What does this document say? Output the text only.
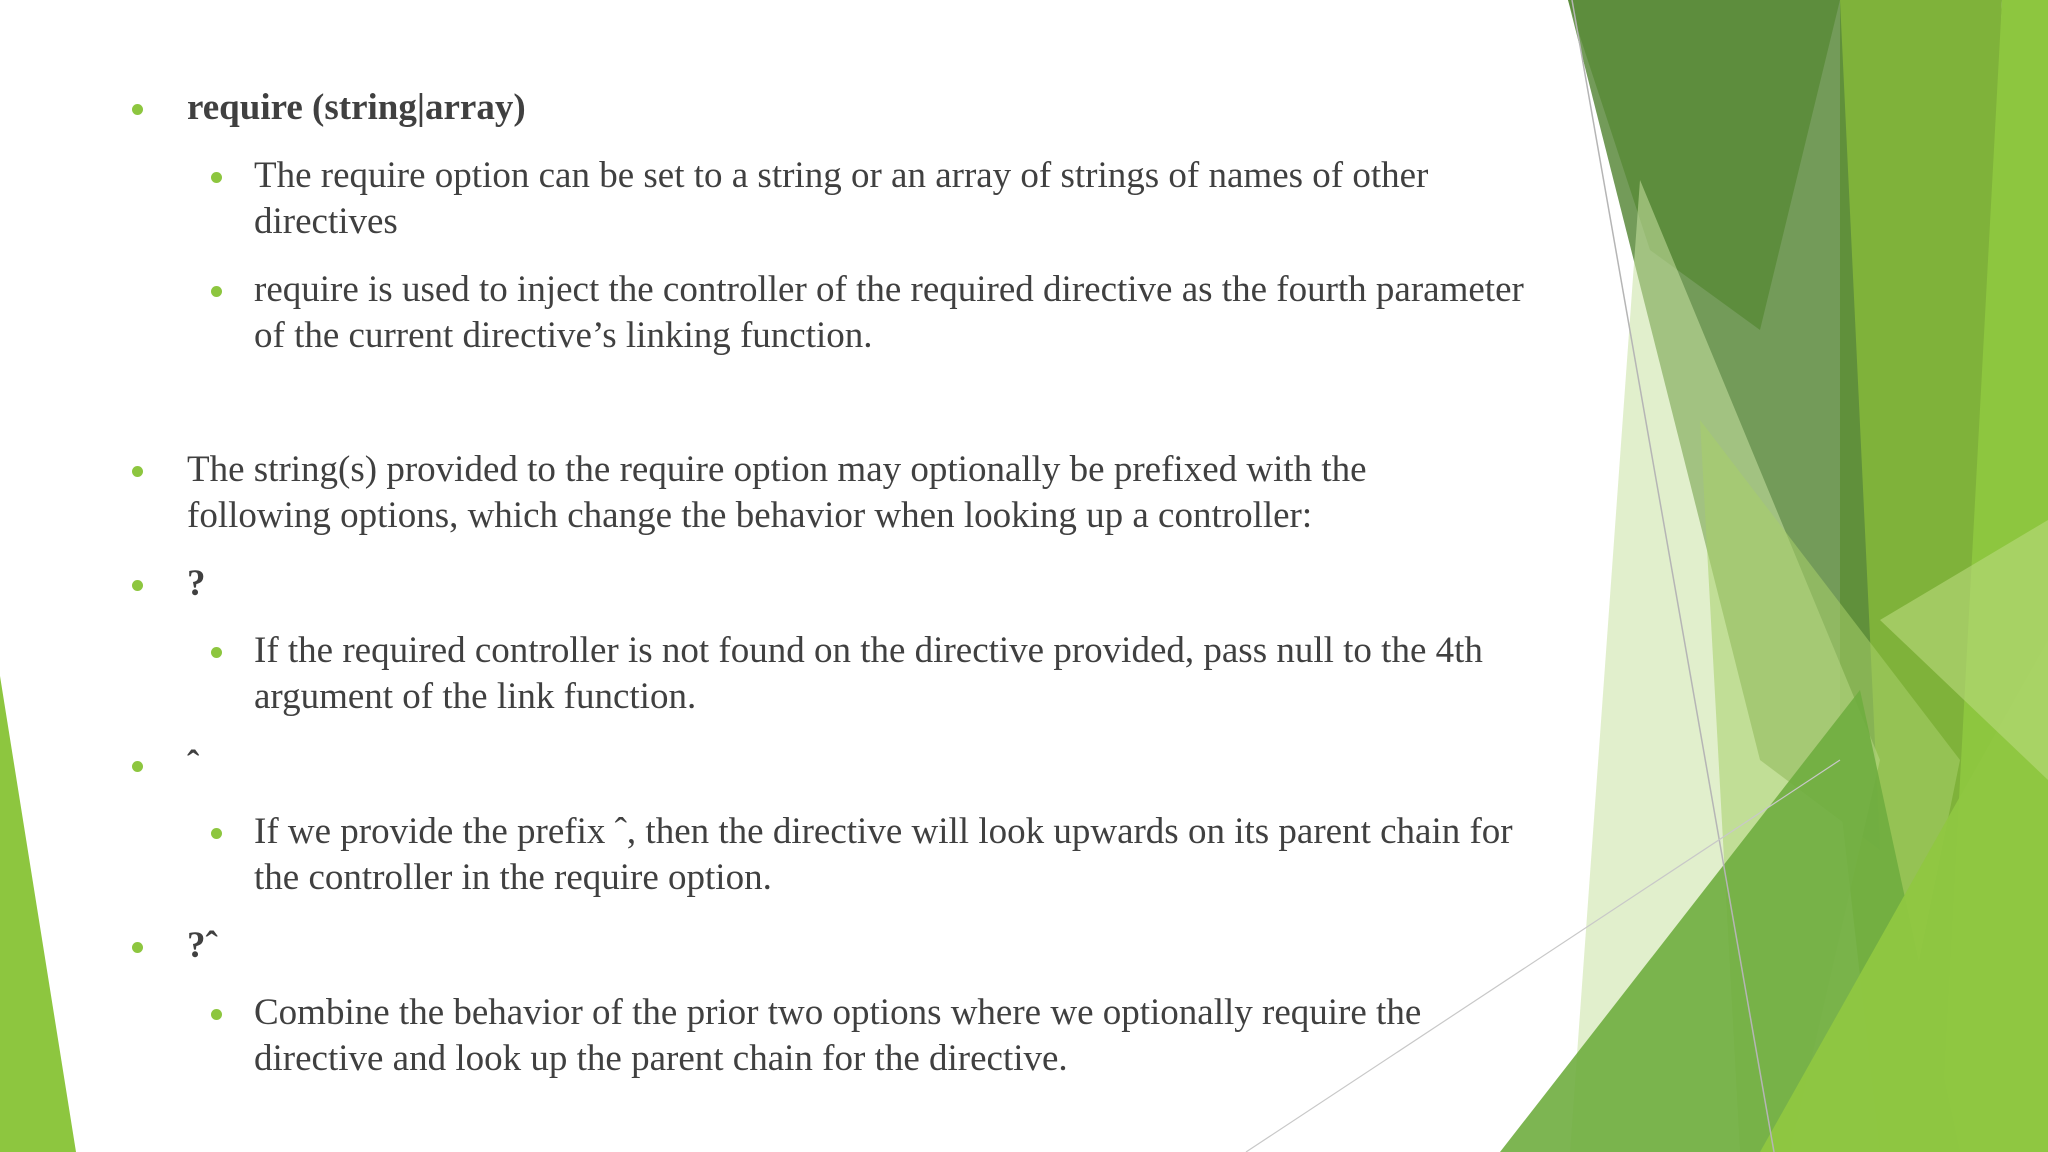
require (string|array)
The require option can be set to a string or an array of strings of names of other directives
require is used to inject the controller of the required directive as the fourth parameter of the current directive’s linking function.
The string(s) provided to the require option may optionally be prefixed with the following options, which change the behavior when looking up a controller:
?
If the required controller is not found on the directive provided, pass null to the 4th argument of the link function.
ˆ
If we provide the prefix ˆ, then the directive will look upwards on its parent chain for the controller in the require option.
?ˆ
Combine the behavior of the prior two options where we optionally require the directive and look up the parent chain for the directive.
